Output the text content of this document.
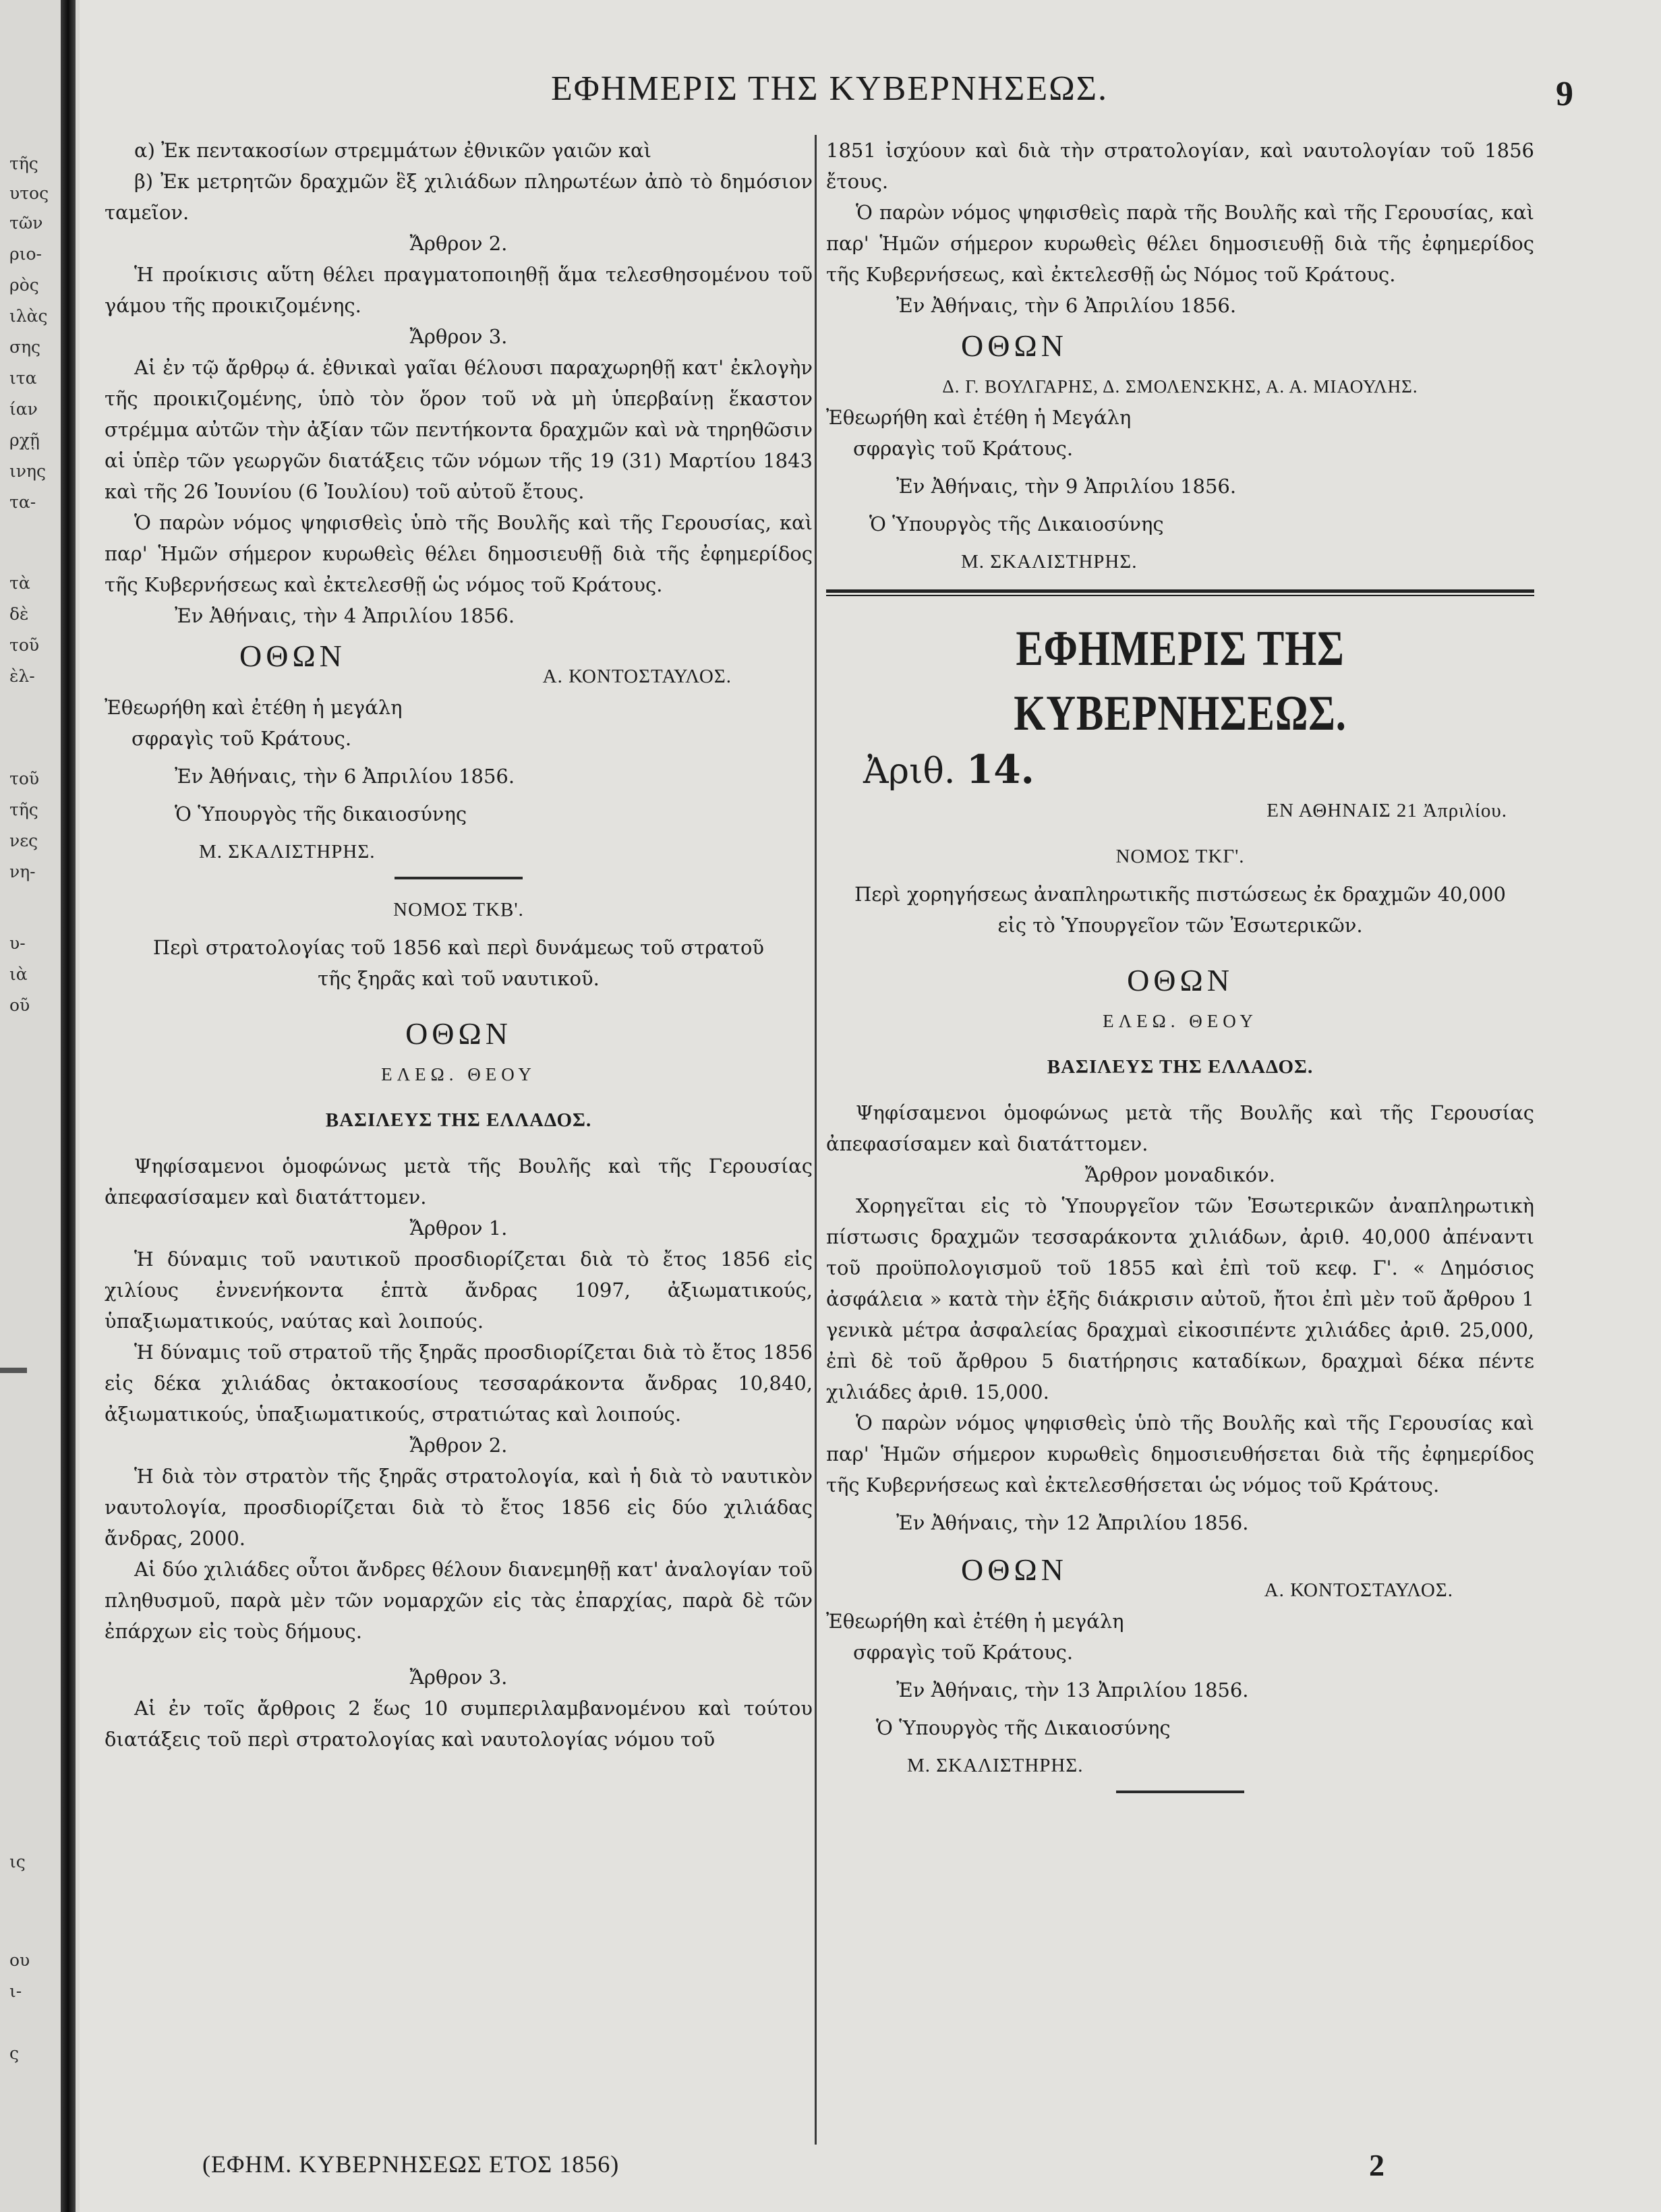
τῆς
υτος
τῶν
ριο-
ρὸς
ιλὰς
σης
ιτα
ίαν
ρχῇ
ινης
τα-
τὰ
δὲ
τοῦ
ὲλ-
τοῦ
τῆς
νες
νη-
υ-
ιὰ
οῦ
ις
ου
ι-
ς
ΕΦΗΜΕΡΙΣ ΤΗΣ ΚΥΒΕΡΝΗΣΕΩΣ.	9

α) Ἐκ πεντακοσίων στρεμμάτων ἐθνικῶν γαιῶν καὶ

β) Ἐκ μετρητῶν δραχμῶν ἓξ χιλιάδων πληρωτέων ἀπὸ τὸ δημόσιον ταμεῖον.

Ἄρθρον 2.

Ἡ προίκισις αὕτη θέλει πραγματοποιηθῇ ἅμα τελεσθησομένου τοῦ γάμου τῆς προικιζομένης.

Ἄρθρον 3.

Αἱ ἐν τῷ ἄρθρῳ ά. ἐθνικαὶ γαῖαι θέλουσι παραχωρηθῇ κατ' ἐκλογὴν τῆς προικιζομένης, ὑπὸ τὸν ὅρον τοῦ νὰ μὴ ὑπερβαίνῃ ἕκαστον στρέμμα αὐτῶν τὴν ἀξίαν τῶν πεντήκοντα δραχμῶν καὶ νὰ τηρηθῶσιν αἱ ὑπὲρ τῶν γεωργῶν διατάξεις τῶν νόμων τῆς 19 (31) Μαρτίου 1843 καὶ τῆς 26 Ἰουνίου (6 Ἰουλίου) τοῦ αὐτοῦ ἔτους.

Ὁ παρὼν νόμος ψηφισθεὶς ὑπὸ τῆς Βουλῆς καὶ τῆς Γερουσίας, καὶ παρ' Ἡμῶν σήμερον κυρωθεὶς θέλει δημοσιευθῇ διὰ τῆς ἐφημερίδος τῆς Κυβερνήσεως καὶ ἐκτελεσθῇ ὡς νόμος τοῦ Κράτους.

Ἐν Ἀθήναις, τὴν 4 Ἀπριλίου 1856.

ΟΘΩΝ

Α. ΚΟΝΤΟΣΤΑΥΛΟΣ.

Ἐθεωρήθη καὶ ἐτέθη ἡ μεγάλη

σφραγὶς τοῦ Κράτους.

Ἐν Ἀθήναις, τὴν 6 Ἀπριλίου 1856.

Ὁ Ὑπουργὸς τῆς δικαιοσύνης

Μ. ΣΚΑΛΙΣΤΗΡΗΣ.

ΝΟΜΟΣ ΤΚΒ'.

Περὶ στρατολογίας τοῦ 1856 καὶ περὶ δυνάμεως τοῦ στρατοῦ τῆς ξηρᾶς καὶ τοῦ ναυτικοῦ.

ΟΘΩΝ

ΕΛΕΩ. ΘΕΟΥ

ΒΑΣΙΛΕΥΣ ΤΗΣ ΕΛΛΑΔΟΣ.

Ψηφίσαμενοι ὁμοφώνως μετὰ τῆς Βουλῆς καὶ τῆς Γερουσίας ἀπεφασίσαμεν καὶ διατάττομεν.

Ἄρθρον 1.

Ἡ δύναμις τοῦ ναυτικοῦ προσδιορίζεται διὰ τὸ ἔτος 1856 εἰς χιλίους ἐννενήκοντα ἑπτὰ ἄνδρας 1097, ἀξιωματικούς, ὑπαξιωματικούς, ναύτας καὶ λοιπούς.

Ἡ δύναμις τοῦ στρατοῦ τῆς ξηρᾶς προσδιορίζεται διὰ τὸ ἔτος 1856 εἰς δέκα χιλιάδας ὀκτακοσίους τεσσαράκοντα ἄνδρας 10,840, ἀξιωματικούς, ὑπαξιωματικούς, στρατιώτας καὶ λοιπούς.

Ἄρθρον 2.

Ἡ διὰ τὸν στρατὸν τῆς ξηρᾶς στρατολογία, καὶ ἡ διὰ τὸ ναυτικὸν ναυτολογία, προσδιορίζεται διὰ τὸ ἔτος 1856 εἰς δύο χιλιάδας ἄνδρας, 2000.

Αἱ δύο χιλιάδες οὗτοι ἄνδρες θέλουν διανεμηθῇ κατ' ἀναλογίαν τοῦ πληθυσμοῦ, παρὰ μὲν τῶν νομαρχῶν εἰς τὰς ἐπαρχίας, παρὰ δὲ τῶν ἐπάρχων εἰς τοὺς δήμους.

Ἄρθρον 3.

Αἱ ἐν τοῖς ἄρθροις 2 ἕως 10 συμπεριλαμβανομένου καὶ τούτου διατάξεις τοῦ περὶ στρατολογίας καὶ ναυτολογίας νόμου τοῦ

1851 ἰσχύουν καὶ διὰ τὴν στρατολογίαν, καὶ ναυτολογίαν τοῦ 1856 ἔτους.

Ὁ παρὼν νόμος ψηφισθεὶς παρὰ τῆς Βουλῆς καὶ τῆς Γερουσίας, καὶ παρ' Ἡμῶν σήμερον κυρωθεὶς θέλει δημοσιευθῇ διὰ τῆς ἐφημερίδος τῆς Κυβερνήσεως, καὶ ἐκτελεσθῇ ὡς Νόμος τοῦ Κράτους.

Ἐν Ἀθήναις, τὴν 6 Ἀπριλίου 1856.

ΟΘΩΝ

Δ. Γ. ΒΟΥΛΓΑΡΗΣ, Δ. ΣΜΟΛΕΝΣΚΗΣ, Α. Α. ΜΙΑΟΥΛΗΣ.

Ἐθεωρήθη καὶ ἐτέθη ἡ Μεγάλη

σφραγὶς τοῦ Κράτους.

Ἐν Ἀθήναις, τὴν 9 Ἀπριλίου 1856.

Ὁ Ὑπουργὸς τῆς Δικαιοσύνης

Μ. ΣΚΑΛΙΣΤΗΡΗΣ.

ΕΦΗΜΕΡΙΣ ΤΗΣ ΚΥΒΕΡΝΗΣΕΩΣ.
Ἀριθ. 14.

ΕΝ ΑΘΗΝΑΙΣ 21 Ἀπριλίου.

ΝΟΜΟΣ ΤΚΓ'.

Περὶ χορηγήσεως ἀναπληρωτικῆς πιστώσεως ἐκ δραχμῶν 40,000 εἰς τὸ Ὑπουργεῖον τῶν Ἐσωτερικῶν.

ΟΘΩΝ

ΕΛΕΩ. ΘΕΟΥ

ΒΑΣΙΛΕΥΣ ΤΗΣ ΕΛΛΑΔΟΣ.

Ψηφίσαμενοι ὁμοφώνως μετὰ τῆς Βουλῆς καὶ τῆς Γερουσίας ἀπεφασίσαμεν καὶ διατάττομεν.

Ἄρθρον μοναδικόν.

Χορηγεῖται εἰς τὸ Ὑπουργεῖον τῶν Ἐσωτερικῶν ἀναπληρωτικὴ πίστωσις δραχμῶν τεσσαράκοντα χιλιάδων, ἀριθ. 40,000 ἀπέναντι τοῦ προϋπολογισμοῦ τοῦ 1855 καὶ ἐπὶ τοῦ κεφ. Γ'. « Δημόσιος ἀσφάλεια » κατὰ τὴν ἑξῆς διάκρισιν αὐτοῦ, ἤτοι ἐπὶ μὲν τοῦ ἄρθρου 1 γενικὰ μέτρα ἀσφαλείας δραχμαὶ εἰκοσιπέντε χιλιάδες ἀριθ. 25,000, ἐπὶ δὲ τοῦ ἄρθρου 5 διατήρησις καταδίκων, δραχμαὶ δέκα πέντε χιλιάδες ἀριθ. 15,000.

Ὁ παρὼν νόμος ψηφισθεὶς ὑπὸ τῆς Βουλῆς καὶ τῆς Γερουσίας καὶ παρ' Ἡμῶν σήμερον κυρωθεὶς δημοσιευθήσεται διὰ τῆς ἐφημερίδος τῆς Κυβερνήσεως καὶ ἐκτελεσθήσεται ὡς νόμος τοῦ Κράτους.

Ἐν Ἀθήναις, τὴν 12 Ἀπριλίου 1856.

ΟΘΩΝ

Α. ΚΟΝΤΟΣΤΑΥΛΟΣ.

Ἐθεωρήθη καὶ ἐτέθη ἡ μεγάλη

σφραγὶς τοῦ Κράτους.

Ἐν Ἀθήναις, τὴν 13 Ἀπριλίου 1856.

Ὁ Ὑπουργὸς τῆς Δικαιοσύνης

Μ. ΣΚΑΛΙΣΤΗΡΗΣ.

(ΕΦΗΜ. ΚΥΒΕΡΝΗΣΕΩΣ ΕΤΟΣ 1856)	2
